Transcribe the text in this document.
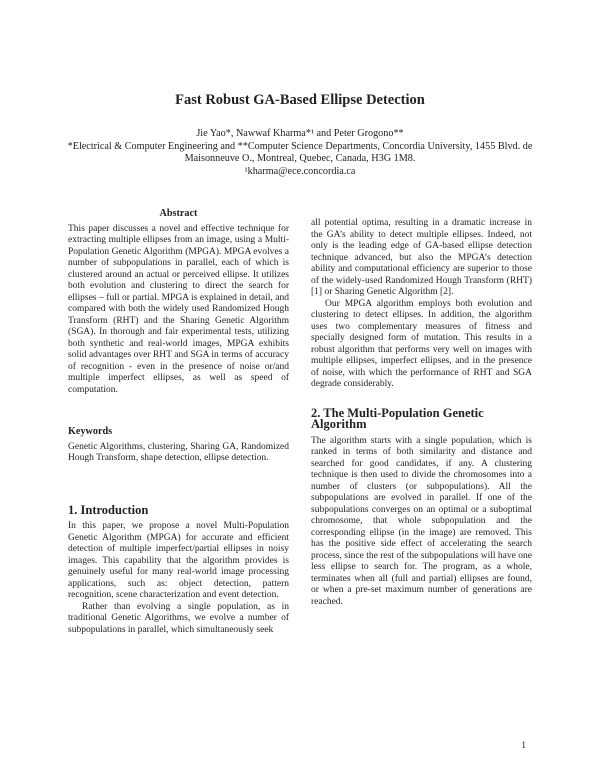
Fast Robust GA-Based Ellipse Detection
Jie Yao*, Nawwaf Kharma*¹ and Peter Grogono**
*Electrical & Computer Engineering and **Computer Science Departments, Concordia University, 1455 Blvd. de
Maisonneuve O., Montreal, Quebec, Canada, H3G 1M8.
¹kharma@ece.concordia.ca
Abstract

This paper discusses a novel and effective technique for extracting multiple ellipses from an image, using a Multi-Population Genetic Algorithm (MPGA). MPGA evolves a number of subpopulations in parallel, each of which is clustered around an actual or perceived ellipse. It utilizes both evolution and clustering to direct the search for ellipses – full or partial. MPGA is explained in detail, and compared with both the widely used Randomized Hough Transform (RHT) and the Sharing Genetic Algorithm (SGA). In thorough and fair experimental tests, utilizing both synthetic and real-world images, MPGA exhibits solid advantages over RHT and SGA in terms of accuracy of recognition - even in the presence of noise or/and multiple imperfect ellipses, as well as speed of computation.

Keywords

Genetic Algorithms, clustering, Sharing GA, Randomized Hough Transform, shape detection, ellipse detection.

1. Introduction

In this paper, we propose a novel Multi-Population Genetic Algorithm (MPGA) for accurate and efficient detection of multiple imperfect/partial ellipses in noisy images. This capability that the algorithm provides is genuinely useful for many real-world image processing applications, such as: object detection, pattern recognition, scene characterization and event detection.

Rather than evolving a single population, as in traditional Genetic Algorithms, we evolve a number of subpopulations in parallel, which simultaneously seek

all potential optima, resulting in a dramatic increase in the GA’s ability to detect multiple ellipses. Indeed, not only is the leading edge of GA-based ellipse detection technique advanced, but also the MPGA’s detection ability and computational efficiency are superior to those of the widely-used Randomized Hough Transform (RHT) [1] or Sharing Genetic Algorithm [2].

Our MPGA algorithm employs both evolution and clustering to detect ellipses. In addition, the algorithm uses two complementary measures of fitness and specially designed form of mutation. This results in a robust algorithm that performs very well on images with multiple ellipses, imperfect ellipses, and in the presence of noise, with which the performance of RHT and SGA degrade considerably.

2. The Multi-Population Genetic Algorithm

The algorithm starts with a single population, which is ranked in terms of both similarity and distance and searched for good candidates, if any. A clustering technique is then used to divide the chromosomes into a number of clusters (or subpopulations). All the subpopulations are evolved in parallel. If one of the subpopulations converges on an optimal or a suboptimal chromosome, that whole subpopulation and the corresponding ellipse (in the image) are removed. This has the positive side effect of accelerating the search process, since the rest of the subpopulations will have one less ellipse to search for. The program, as a whole, terminates when all (full and partial) ellipses are found, or when a pre-set maximum number of generations are reached.

1
